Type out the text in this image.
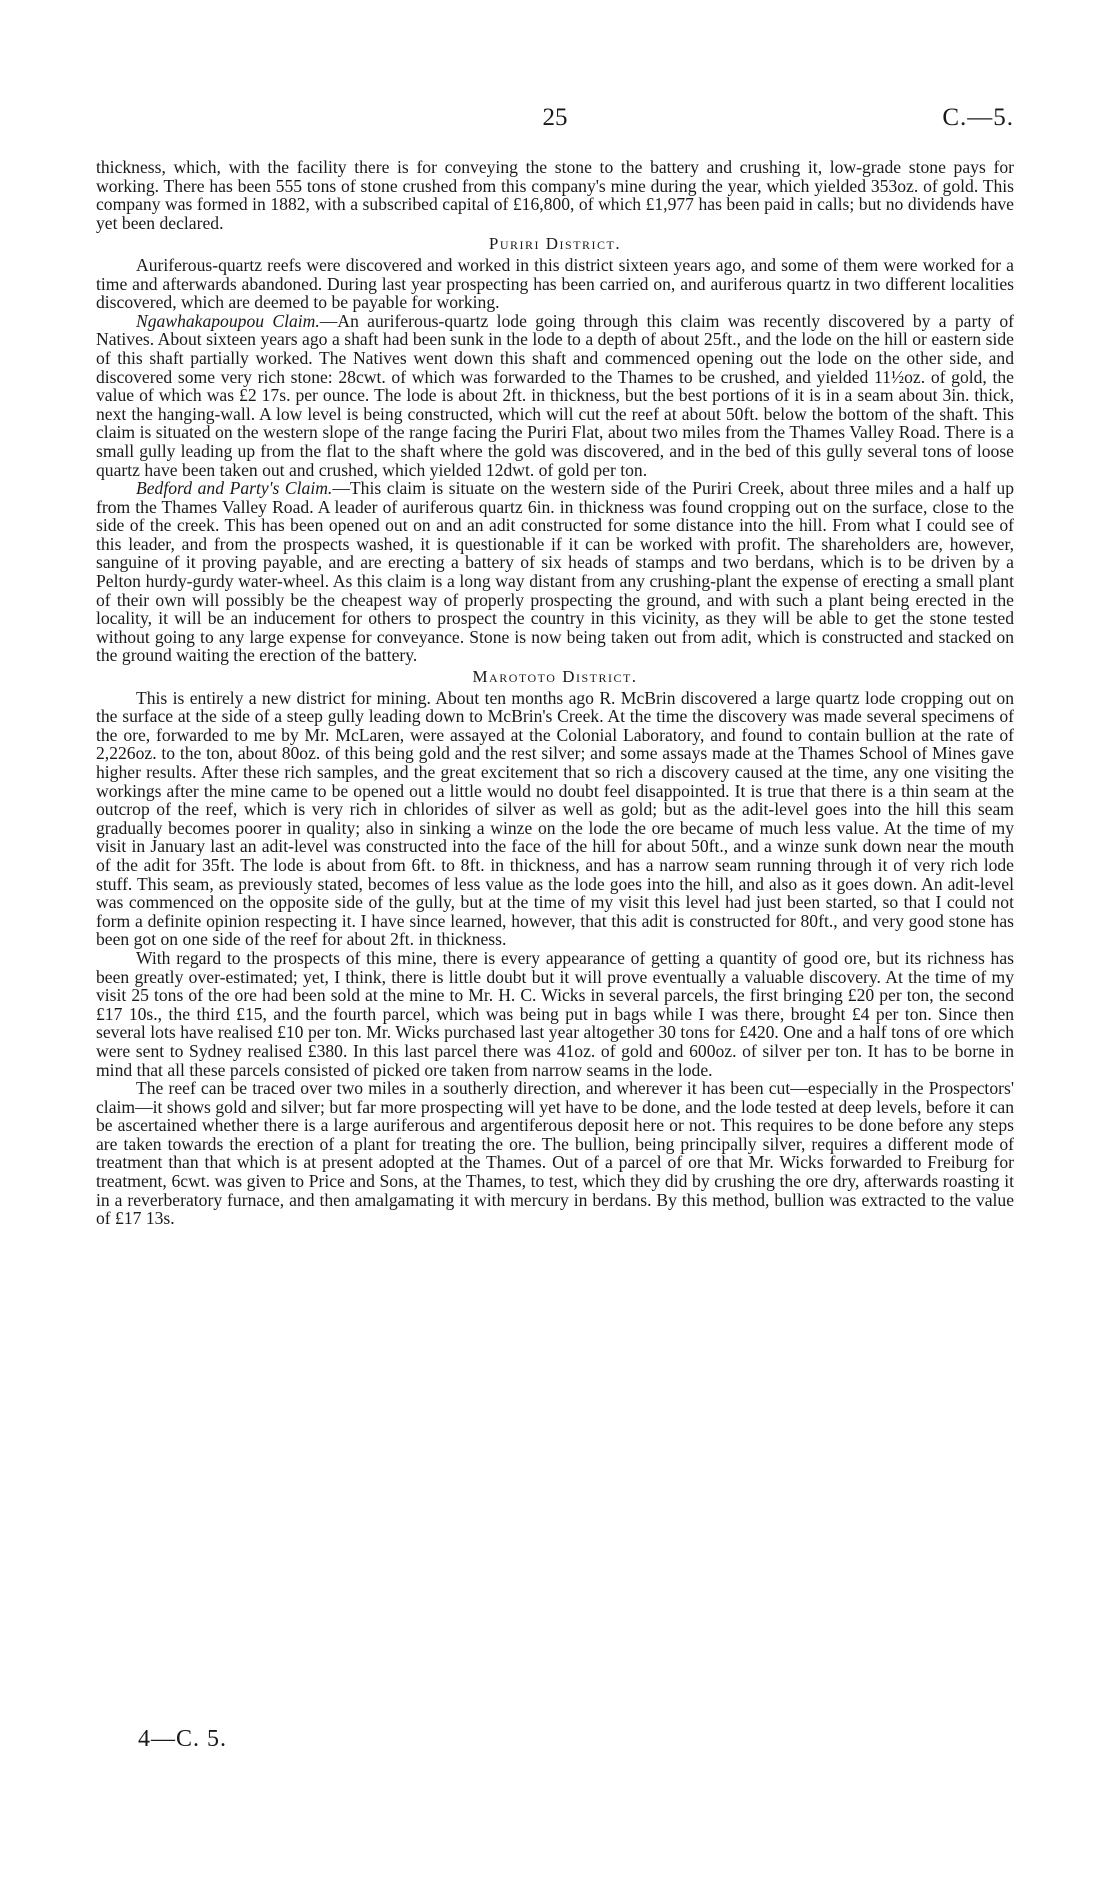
25	C.—5.

thickness, which, with the facility there is for conveying the stone to the battery and crushing it, low-grade stone pays for working. There has been 555 tons of stone crushed from this company's mine during the year, which yielded 353oz. of gold. This company was formed in 1882, with a subscribed capital of £16,800, of which £1,977 has been paid in calls; but no dividends have yet been declared.

Puriri District.

Auriferous-quartz reefs were discovered and worked in this district sixteen years ago, and some of them were worked for a time and afterwards abandoned. During last year prospecting has been carried on, and auriferous quartz in two different localities discovered, which are deemed to be payable for working.

Ngawhakapoupou Claim.—An auriferous-quartz lode going through this claim was recently discovered by a party of Natives. About sixteen years ago a shaft had been sunk in the lode to a depth of about 25ft., and the lode on the hill or eastern side of this shaft partially worked. The Natives went down this shaft and commenced opening out the lode on the other side, and discovered some very rich stone: 28cwt. of which was forwarded to the Thames to be crushed, and yielded 11½oz. of gold, the value of which was £2 17s. per ounce. The lode is about 2ft. in thickness, but the best portions of it is in a seam about 3in. thick, next the hanging-wall. A low level is being constructed, which will cut the reef at about 50ft. below the bottom of the shaft. This claim is situated on the western slope of the range facing the Puriri Flat, about two miles from the Thames Valley Road. There is a small gully leading up from the flat to the shaft where the gold was discovered, and in the bed of this gully several tons of loose quartz have been taken out and crushed, which yielded 12dwt. of gold per ton.

Bedford and Party's Claim.—This claim is situate on the western side of the Puriri Creek, about three miles and a half up from the Thames Valley Road. A leader of auriferous quartz 6in. in thickness was found cropping out on the surface, close to the side of the creek. This has been opened out on and an adit constructed for some distance into the hill. From what I could see of this leader, and from the prospects washed, it is questionable if it can be worked with profit. The shareholders are, however, sanguine of it proving payable, and are erecting a battery of six heads of stamps and two berdans, which is to be driven by a Pelton hurdy-gurdy water-wheel. As this claim is a long way distant from any crushing-plant the expense of erecting a small plant of their own will possibly be the cheapest way of properly prospecting the ground, and with such a plant being erected in the locality, it will be an inducement for others to prospect the country in this vicinity, as they will be able to get the stone tested without going to any large expense for conveyance. Stone is now being taken out from adit, which is constructed and stacked on the ground waiting the erection of the battery.

Marototo District.

This is entirely a new district for mining. About ten months ago R. McBrin discovered a large quartz lode cropping out on the surface at the side of a steep gully leading down to McBrin's Creek. At the time the discovery was made several specimens of the ore, forwarded to me by Mr. McLaren, were assayed at the Colonial Laboratory, and found to contain bullion at the rate of 2,226oz. to the ton, about 80oz. of this being gold and the rest silver; and some assays made at the Thames School of Mines gave higher results. After these rich samples, and the great excitement that so rich a discovery caused at the time, any one visiting the workings after the mine came to be opened out a little would no doubt feel disappointed. It is true that there is a thin seam at the outcrop of the reef, which is very rich in chlorides of silver as well as gold; but as the adit-level goes into the hill this seam gradually becomes poorer in quality; also in sinking a winze on the lode the ore became of much less value. At the time of my visit in January last an adit-level was constructed into the face of the hill for about 50ft., and a winze sunk down near the mouth of the adit for 35ft. The lode is about from 6ft. to 8ft. in thickness, and has a narrow seam running through it of very rich lode stuff. This seam, as previously stated, becomes of less value as the lode goes into the hill, and also as it goes down. An adit-level was commenced on the opposite side of the gully, but at the time of my visit this level had just been started, so that I could not form a definite opinion respecting it. I have since learned, however, that this adit is constructed for 80ft., and very good stone has been got on one side of the reef for about 2ft. in thickness.

With regard to the prospects of this mine, there is every appearance of getting a quantity of good ore, but its richness has been greatly over-estimated; yet, I think, there is little doubt but it will prove eventually a valuable discovery. At the time of my visit 25 tons of the ore had been sold at the mine to Mr. H. C. Wicks in several parcels, the first bringing £20 per ton, the second £17 10s., the third £15, and the fourth parcel, which was being put in bags while I was there, brought £4 per ton. Since then several lots have realised £10 per ton. Mr. Wicks purchased last year altogether 30 tons for £420. One and a half tons of ore which were sent to Sydney realised £380. In this last parcel there was 41oz. of gold and 600oz. of silver per ton. It has to be borne in mind that all these parcels consisted of picked ore taken from narrow seams in the lode.

The reef can be traced over two miles in a southerly direction, and wherever it has been cut—especially in the Prospectors' claim—it shows gold and silver; but far more prospecting will yet have to be done, and the lode tested at deep levels, before it can be ascertained whether there is a large auriferous and argentiferous deposit here or not. This requires to be done before any steps are taken towards the erection of a plant for treating the ore. The bullion, being principally silver, requires a different mode of treatment than that which is at present adopted at the Thames. Out of a parcel of ore that Mr. Wicks forwarded to Freiburg for treatment, 6cwt. was given to Price and Sons, at the Thames, to test, which they did by crushing the ore dry, afterwards roasting it in a reverberatory furnace, and then amalgamating it with mercury in berdans. By this method, bullion was extracted to the value of £17 13s.

4—C. 5.
